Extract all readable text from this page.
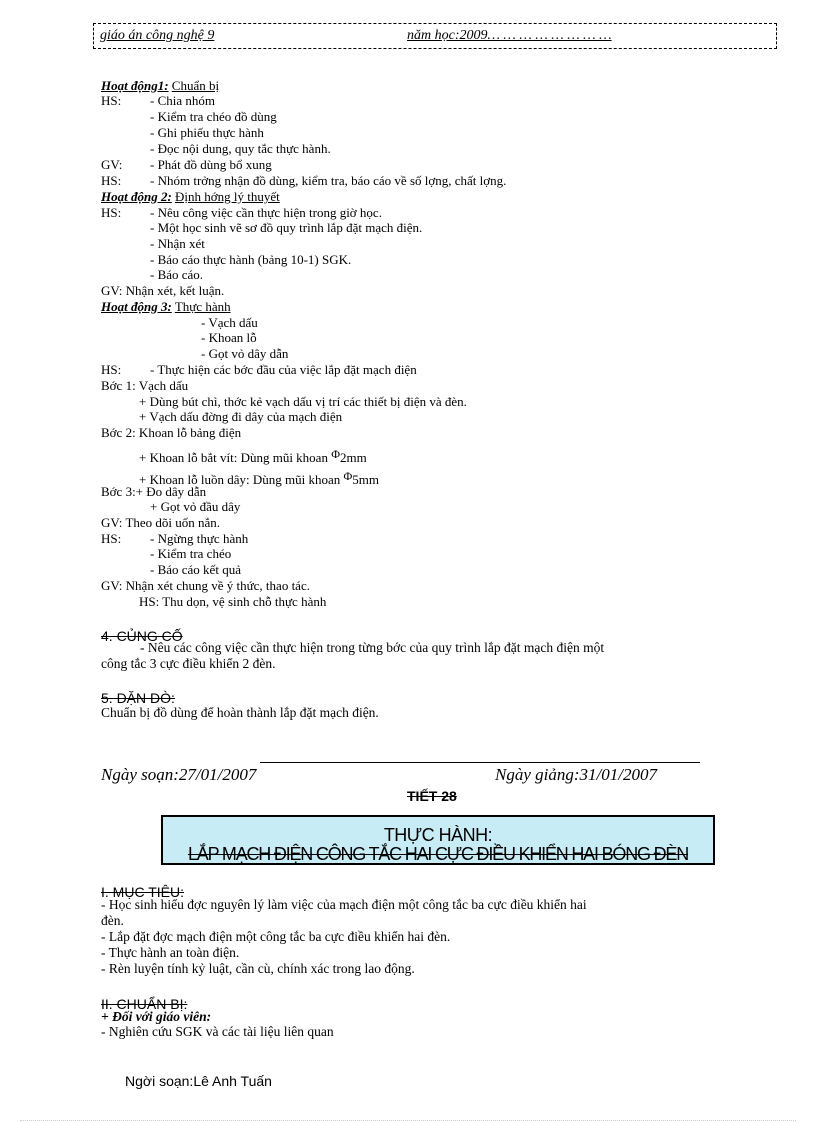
giáo án công nghệ 9	năm học:2009… … … … … … … …
Hoạt động1: Chuẩn bị
HS: - Chia nhóm
- Kiểm tra chéo đồ dùng
- Ghi phiếu thực hành
- Đọc nội dung, quy tắc thực hành.
GV: - Phát đồ dùng bổ xung
HS: - Nhóm trởng nhận đồ dùng, kiểm tra, báo cáo về số lợng, chất lợng.
Hoạt động 2: Định hớng lý thuyết
HS: - Nêu công việc cần thực hiện trong giờ học.
- Một học sinh vẽ sơ đồ quy trình lắp đặt mạch điện.
- Nhận xét
- Báo cáo thực hành (bảng 10-1) SGK.
- Báo cáo.
GV: Nhận xét, kết luận.
Hoạt động 3: Thực hành
- Vạch dấu
- Khoan lỗ
- Gọt vỏ dây dẫn
HS: - Thực hiện các bớc đầu của việc lắp đặt mạch điện
Bớc 1: Vạch dấu
+ Dùng bút chì, thớc kẻ vạch dấu vị trí các thiết bị điện và đèn.
+ Vạch dấu đờng đi dây của mạch điện
Bớc 2: Khoan lỗ bảng điện
+ Khoan lỗ bắt vít: Dùng mũi khoan Φ2mm
+ Khoan lỗ luồn dây: Dùng mũi khoan Φ5mm
Bớc 3:+ Đo dây dẫn
+ Gọt vỏ đầu dây
GV: Theo dõi uốn nắn.
HS: - Ngừng thực hành
- Kiểm tra chéo
- Báo cáo kết quả
GV: Nhận xét chung về ý thức, thao tác.
HS: Thu dọn, vệ sinh chỗ thực hành
4. CỦNG CỐ
- Nêu các công việc cần thực hiện trong từng bớc của quy trình lắp đặt mạch điện một
công tắc 3 cực điều khiển 2 đèn.
5. DẶN DÒ:
Chuẩn bị đồ dùng để hoàn thành lắp đặt mạch điện.
Ngày soạn:27/01/2007	Ngày giảng:31/01/2007
TIẾT 28
THỰC HÀNH:
LẮP MẠCH ĐIỆN CÔNG TẮC HAI CỰC ĐIỀU KHIỂN HAI BÓNG ĐÈN
I. MỤC TIÊU:
- Học sinh hiểu đợc nguyên lý làm việc của mạch điện một công tắc ba cực điều khiển hai
đèn.
- Lắp đặt đợc mạch điện một công tắc ba cực điều khiển hai đèn.
- Thực hành an toàn điện.
- Rèn luyện tính kỷ luật, cần cù, chính xác trong lao động.
II. CHUẨN BỊ:
+ Đối với giáo viên:
- Nghiên cứu SGK và các tài liệu liên quan
Ngời soạn:Lê Anh Tuấn
